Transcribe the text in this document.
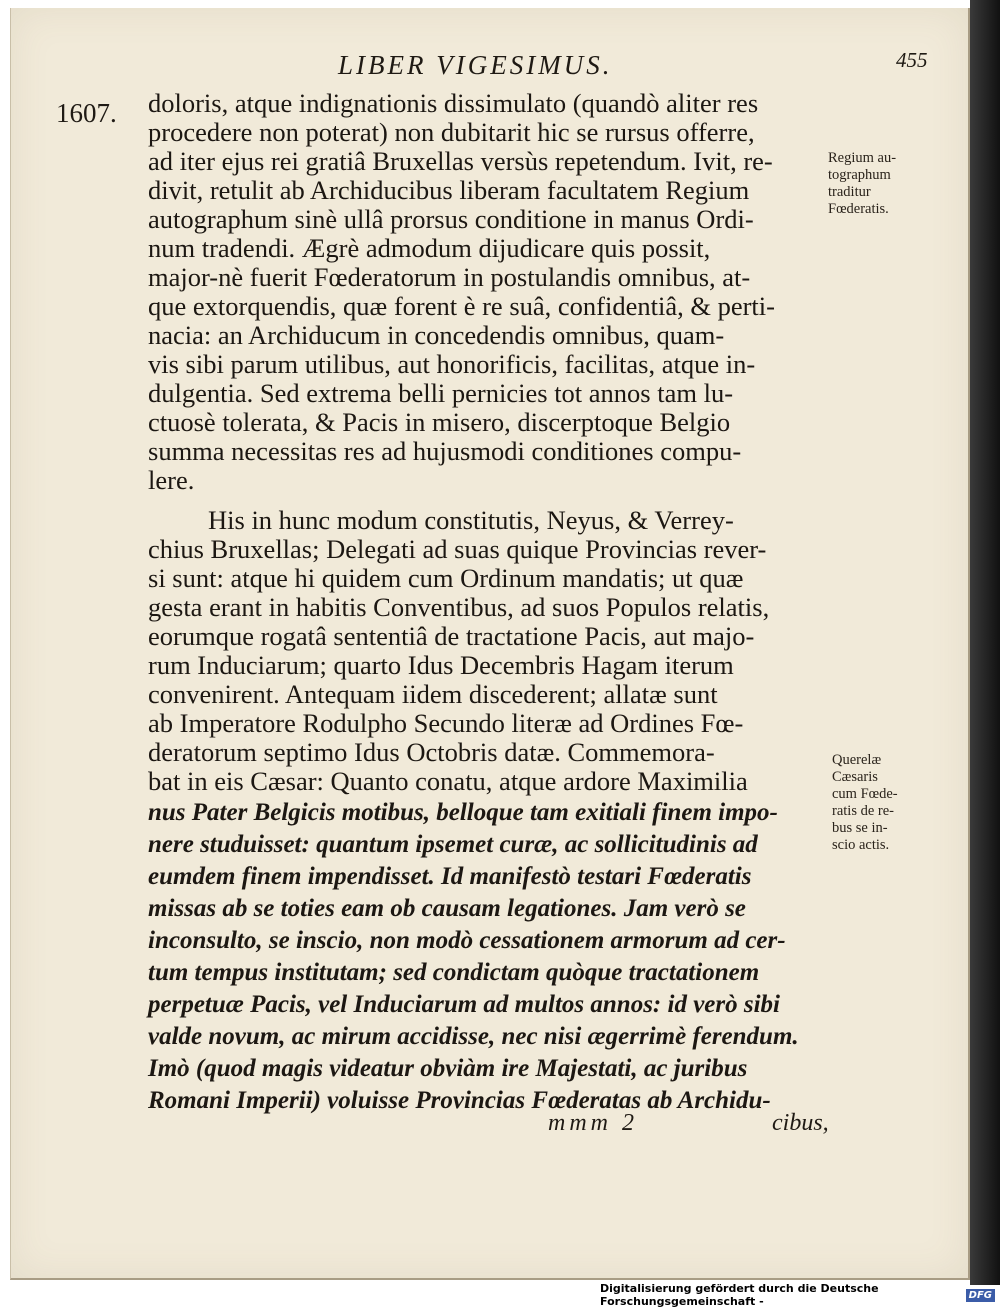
LIBER VIGESIMUS.	455
1607. doloris, atque indignationis dissimulato (quandò aliter res
procedere non poterat) non dubitarit hic se rursus offerre,
ad iter ejus rei gratiâ Bruxellas versùs repetendum. Ivit, re-
divit, retulit ab Archiducibus liberam facultatem Regium
autographum sinè ullâ prorsus conditione in manus Ordi-
num tradendi. Ægrè admodum dijudicare quis possit,
major-nè fuerit Fœderatorum in postulandis omnibus, at-
que extorquendis, quæ forent è re suâ, confidentiâ, & perti-
nacia: an Archiducum in concedendis omnibus, quam-
vis sibi parum utilibus, aut honorificis, facilitas, atque in-
dulgentia. Sed extrema belli pernicies tot annos tam lu-
ctuosè tolerata, & Pacis in misero, discerptoque Belgio
summa necessitas res ad hujusmodi conditiones compu-
lere.
His in hunc modum constitutis, Neyus, & Verrey-
chius Bruxellas; Delegati ad suas quique Provincias rever-
si sunt: atque hi quidem cum Ordinum mandatis; ut quæ
gesta erant in habitis Conventibus, ad suos Populos relatis,
eorumque rogatâ sententiâ de tractatione Pacis, aut majo-
rum Induciarum; quarto Idus Decembris Hagam iterum
convenirent. Antequam iidem discederent; allatæ sunt
ab Imperatore Rodulpho Secundo literæ ad Ordines Fœ-
deratorum septimo Idus Octobris datæ. Commemora-
bat in eis Cæsar: Quanto conatu, atque ardore Maximilia
nus Pater Belgicis motibus, belloque tam exitiali finem impo-
nere studuisset: quantum ipsemet curæ, ac sollicitudinis ad
eumdem finem impendisset. Id manifestò testari Fœderatis
missas ab se toties eam ob causam legationes. Jam verò se
inconsulto, se inscio, non modò cessationem armorum ad cer-
tum tempus institutam; sed condictam quòque tractationem
perpetuæ Pacis, vel Induciarum ad multos annos: id verò sibi
valde novum, ac mirum accidisse, nec nisi ægerrimè ferendum.
Imò (quod magis videatur obviàm ire Majestati, ac juribus
Romani Imperii) voluisse Provincias Fœderatas ab Archidu-
Regium au-
tographum
traditur
Fœderatis.
Querelæ
Cæsaris
cum Fœde-
ratis de re-
bus se in-
scio actis.
mmm 2	cibus,
Digitalisierung gefördert durch die Deutsche Forschungsgemeinschaft -	DFG
